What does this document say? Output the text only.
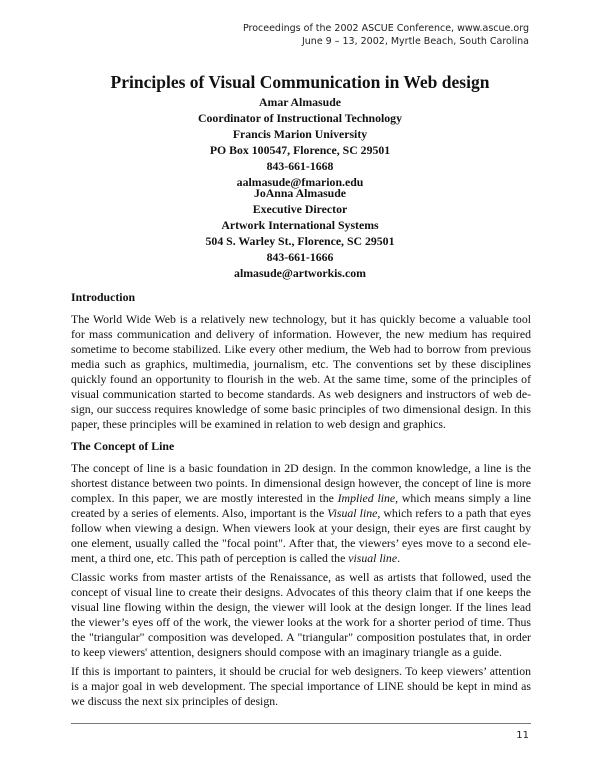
Proceedings of the 2002 ASCUE Conference, www.ascue.org
June 9 – 13, 2002, Myrtle Beach, South Carolina
Principles of Visual Communication in Web design
Amar Almasude
Coordinator of Instructional Technology
Francis Marion University
PO Box 100547, Florence, SC 29501
843-661-1668
aalmasude@fmarion.edu
JoAnna Almasude
Executive Director
Artwork International Systems
504 S. Warley St., Florence, SC 29501
843-661-1666
almasude@artworkis.com
Introduction

The World Wide Web is a relatively new technology, but it has quickly become a valuable tool for mass communication and delivery of information. However, the new medium has required sometime to become stabilized. Like every other medium, the Web had to borrow from previous media such as graphics, multimedia, journalism, etc. The conventions set by these disciplines quickly found an opportunity to flourish in the web. At the same time, some of the principles of visual communication started to become standards. As web designers and instructors of web de-sign, our success requires knowledge of some basic principles of two dimensional design. In this paper, these principles will be examined in relation to web design and graphics.

The Concept of Line

The concept of line is a basic foundation in 2D design. In the common knowledge, a line is the shortest distance between two points. In dimensional design however, the concept of line is more complex. In this paper, we are mostly interested in the Implied line, which means simply a line created by a series of elements. Also, important is the Visual line, which refers to a path that eyes follow when viewing a design. When viewers look at your design, their eyes are first caught by one element, usually called the "focal point". After that, the viewers’ eyes move to a second ele-ment, a third one, etc. This path of perception is called the visual line.

Classic works from master artists of the Renaissance, as well as artists that followed, used the concept of visual line to create their designs. Advocates of this theory claim that if one keeps the visual line flowing within the design, the viewer will look at the design longer. If the lines lead the viewer’s eyes off of the work, the viewer looks at the work for a shorter period of time. Thus the "triangular" composition was developed. A "triangular" composition postulates that, in order to keep viewers' attention, designers should compose with an imaginary triangle as a guide.

If this is important to painters, it should be crucial for web designers. To keep viewers’ attention is a major goal in web development. The special importance of LINE should be kept in mind as we discuss the next six principles of design.

11
